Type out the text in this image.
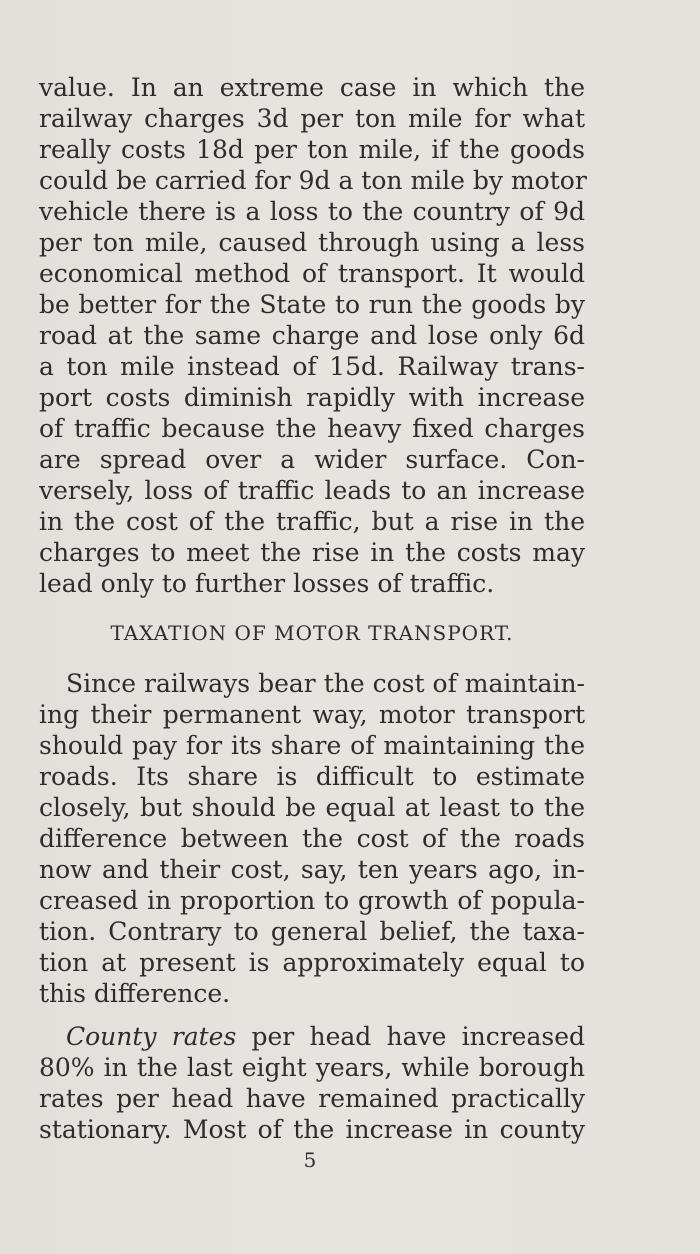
value. In an extreme case in which the
railway charges 3d per ton mile for what
really costs 18d per ton mile, if the goods
could be carried for 9d a ton mile by motor
vehicle there is a loss to the country of 9d
per ton mile, caused through using a less
economical method of transport. It would
be better for the State to run the goods by
road at the same charge and lose only 6d
a ton mile instead of 15d. Railway trans-
port costs diminish rapidly with increase
of traffic because the heavy fixed charges
are spread over a wider surface. Con-
versely, loss of traffic leads to an increase
in the cost of the traffic, but a rise in the
charges to meet the rise in the costs may
lead only to further losses of traffic.
TAXATION OF MOTOR TRANSPORT.
Since railways bear the cost of maintain-
ing their permanent way, motor transport
should pay for its share of maintaining the
roads. Its share is difficult to estimate
closely, but should be equal at least to the
difference between the cost of the roads
now and their cost, say, ten years ago, in-
creased in proportion to growth of popula-
tion. Contrary to general belief, the taxa-
tion at present is approximately equal to
this difference.
County rates per head have increased
80% in the last eight years, while borough
rates per head have remained practically
stationary. Most of the increase in county
5
